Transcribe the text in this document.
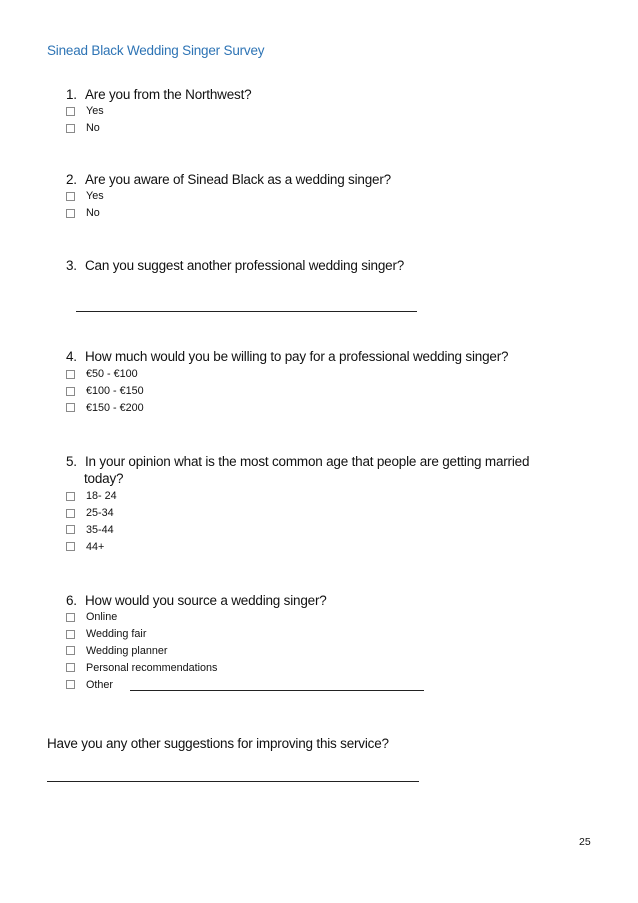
Sinead Black Wedding Singer Survey
1. Are you from the Northwest?
Yes
No
2. Are you aware of Sinead Black as a wedding singer?
Yes
No
3. Can you suggest another professional wedding singer?
4. How much would you be willing to pay for a professional wedding singer?
€50 - €100
€100 - €150
€150 - €200
5. In your opinion what is the most common age that people are getting married
today?
18- 24
25-34
35-44
44+
6. How would you source a wedding singer?
Online
Wedding fair
Wedding planner
Personal recommendations
Other
Have you any other suggestions for improving this service?
25
